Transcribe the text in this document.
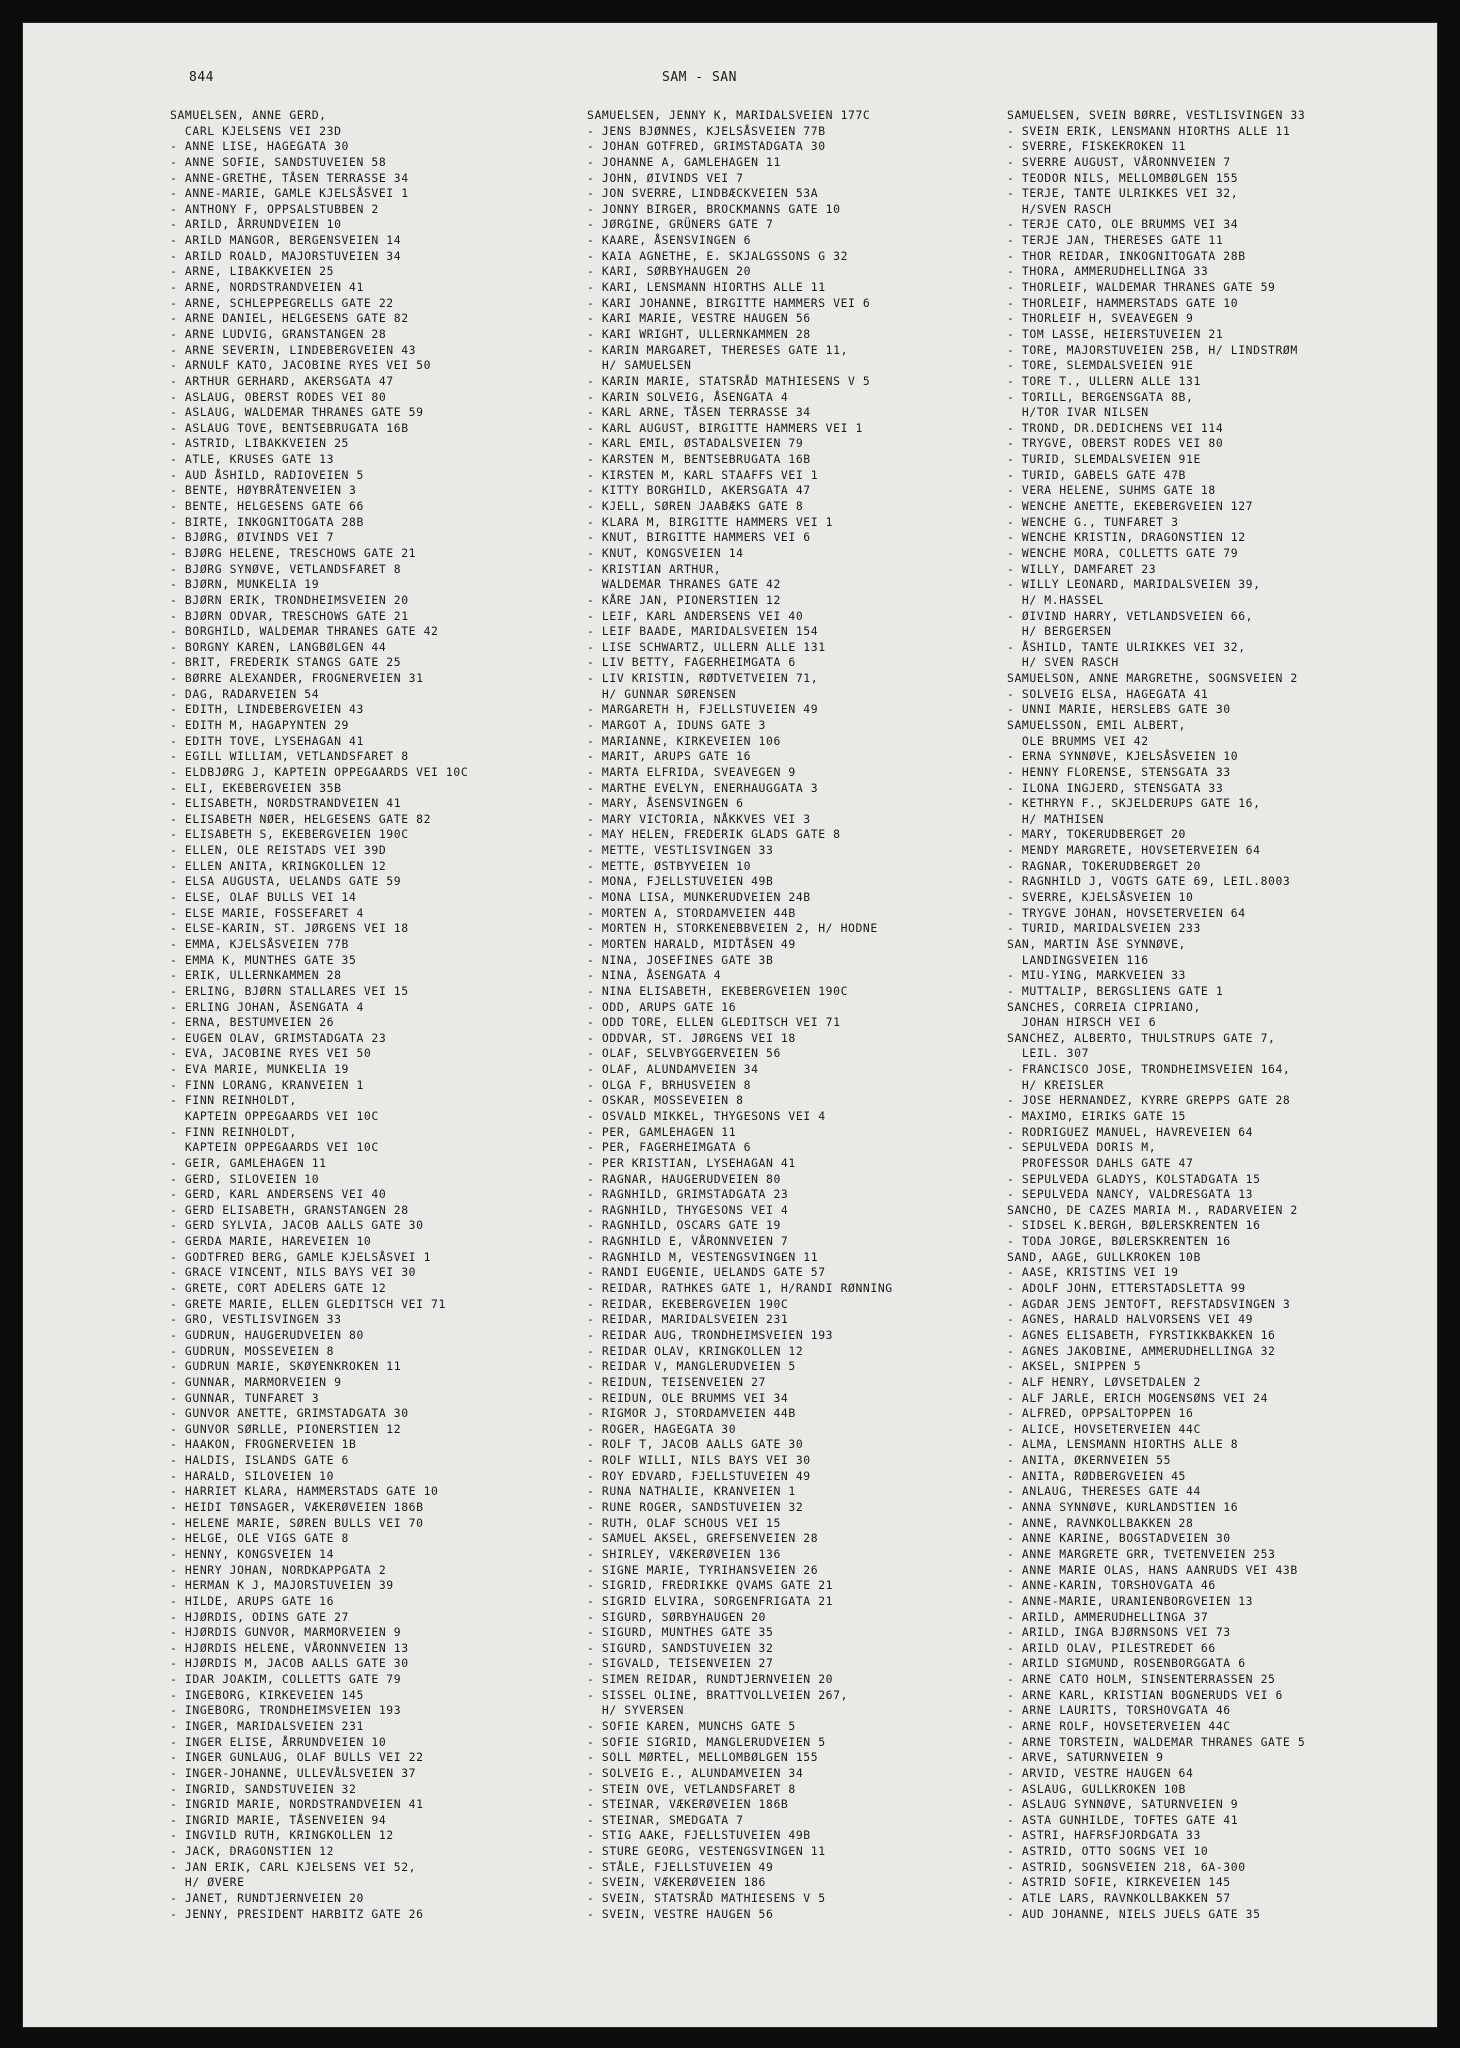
844	SAM - SAN
SAMUELSEN, ANNE GERD,
CARL KJELSENS VEI 23D
- ANNE LISE, HAGEGATA 30
- ANNE SOFIE, SANDSTUVEIEN 58
- ANNE-GRETHE, TÅSEN TERRASSE 34
- ANNE-MARIE, GAMLE KJELSÅSVEI 1
- ANTHONY F, OPPSALSTUBBEN 2
- ARILD, ÅRRUNDVEIEN 10
- ARILD MANGOR, BERGENSVEIEN 14
- ARILD ROALD, MAJORSTUVEIEN 34
- ARNE, LIBAKKVEIEN 25
- ARNE, NORDSTRANDVEIEN 41
- ARNE, SCHLEPPEGRELLS GATE 22
- ARNE DANIEL, HELGESENS GATE 82
- ARNE LUDVIG, GRANSTANGEN 28
- ARNE SEVERIN, LINDEBERGVEIEN 43
- ARNULF KATO, JACOBINE RYES VEI 50
- ARTHUR GERHARD, AKERSGATA 47
- ASLAUG, OBERST RODES VEI 80
- ASLAUG, WALDEMAR THRANES GATE 59
- ASLAUG TOVE, BENTSEBRUGATA 16B
- ASTRID, LIBAKKVEIEN 25
- ATLE, KRUSES GATE 13
- AUD ÅSHILD, RADIOVEIEN 5
- BENTE, HØYBRÅTENVEIEN 3
- BENTE, HELGESENS GATE 66
- BIRTE, INKOGNITOGATA 28B
- BJØRG, ØIVINDS VEI 7
- BJØRG HELENE, TRESCHOWS GATE 21
- BJØRG SYNØVE, VETLANDSFARET 8
- BJØRN, MUNKELIA 19
- BJØRN ERIK, TRONDHEIMSVEIEN 20
- BJØRN ODVAR, TRESCHOWS GATE 21
- BORGHILD, WALDEMAR THRANES GATE 42
- BORGNY KAREN, LANGBØLGEN 44
- BRIT, FREDERIK STANGS GATE 25
- BØRRE ALEXANDER, FROGNERVEIEN 31
- DAG, RADARVEIEN 54
- EDITH, LINDEBERGVEIEN 43
- EDITH M, HAGAPYNTEN 29
- EDITH TOVE, LYSEHAGAN 41
- EGILL WILLIAM, VETLANDSFARET 8
- ELDBJØRG J, KAPTEIN OPPEGAARDS VEI 10C
- ELI, EKEBERGVEIEN 35B
- ELISABETH, NORDSTRANDVEIEN 41
- ELISABETH NØER, HELGESENS GATE 82
- ELISABETH S, EKEBERGVEIEN 190C
- ELLEN, OLE REISTADS VEI 39D
- ELLEN ANITA, KRINGKOLLEN 12
- ELSA AUGUSTA, UELANDS GATE 59
- ELSE, OLAF BULLS VEI 14
- ELSE MARIE, FOSSEFARET 4
- ELSE-KARIN, ST. JØRGENS VEI 18
- EMMA, KJELSÅSVEIEN 77B
- EMMA K, MUNTHES GATE 35
- ERIK, ULLERNKAMMEN 28
- ERLING, BJØRN STALLARES VEI 15
- ERLING JOHAN, ÅSENGATA 4
- ERNA, BESTUMVEIEN 26
- EUGEN OLAV, GRIMSTADGATA 23
- EVA, JACOBINE RYES VEI 50
- EVA MARIE, MUNKELIA 19
- FINN LORANG, KRANVEIEN 1
- FINN REINHOLDT,
KAPTEIN OPPEGAARDS VEI 10C
- FINN REINHOLDT,
KAPTEIN OPPEGAARDS VEI 10C
- GEIR, GAMLEHAGEN 11
- GERD, SILOVEIEN 10
- GERD, KARL ANDERSENS VEI 40
- GERD ELISABETH, GRANSTANGEN 28
- GERD SYLVIA, JACOB AALLS GATE 30
- GERDA MARIE, HAREVEIEN 10
- GODTFRED BERG, GAMLE KJELSÅSVEI 1
- GRACE VINCENT, NILS BAYS VEI 30
- GRETE, CORT ADELERS GATE 12
- GRETE MARIE, ELLEN GLEDITSCH VEI 71
- GRO, VESTLISVINGEN 33
- GUDRUN, HAUGERUDVEIEN 80
- GUDRUN, MOSSEVEIEN 8
- GUDRUN MARIE, SKØYENKROKEN 11
- GUNNAR, MARMORVEIEN 9
- GUNNAR, TUNFARET 3
- GUNVOR ANETTE, GRIMSTADGATA 30
- GUNVOR SØRLLE, PIONERSTIEN 12
- HAAKON, FROGNERVEIEN 1B
- HALDIS, ISLANDS GATE 6
- HARALD, SILOVEIEN 10
- HARRIET KLARA, HAMMERSTADS GATE 10
- HEIDI TØNSAGER, VÆKERØVEIEN 186B
- HELENE MARIE, SØREN BULLS VEI 70
- HELGE, OLE VIGS GATE 8
- HENNY, KONGSVEIEN 14
- HENRY JOHAN, NORDKAPPGATA 2
- HERMAN K J, MAJORSTUVEIEN 39
- HILDE, ARUPS GATE 16
- HJØRDIS, ODINS GATE 27
- HJØRDIS GUNVOR, MARMORVEIEN 9
- HJØRDIS HELENE, VÅRONNVEIEN 13
- HJØRDIS M, JACOB AALLS GATE 30
- IDAR JOAKIM, COLLETTS GATE 79
- INGEBORG, KIRKEVEIEN 145
- INGEBORG, TRONDHEIMSVEIEN 193
- INGER, MARIDALSVEIEN 231
- INGER ELISE, ÅRRUNDVEIEN 10
- INGER GUNLAUG, OLAF BULLS VEI 22
- INGER-JOHANNE, ULLEVÅLSVEIEN 37
- INGRID, SANDSTUVEIEN 32
- INGRID MARIE, NORDSTRANDVEIEN 41
- INGRID MARIE, TÅSENVEIEN 94
- INGVILD RUTH, KRINGKOLLEN 12
- JACK, DRAGONSTIEN 12
- JAN ERIK, CARL KJELSENS VEI 52,
H/ ØVERE
- JANET, RUNDTJERNVEIEN 20
- JENNY, PRESIDENT HARBITZ GATE 26
SAMUELSEN, JENNY K, MARIDALSVEIEN 177C
- JENS BJØNNES, KJELSÅSVEIEN 77B
- JOHAN GOTFRED, GRIMSTADGATA 30
- JOHANNE A, GAMLEHAGEN 11
- JOHN, ØIVINDS VEI 7
- JON SVERRE, LINDBÆCKVEIEN 53A
- JONNY BIRGER, BROCKMANNS GATE 10
- JØRGINE, GRÜNERS GATE 7
- KAARE, ÅSENSVINGEN 6
- KAIA AGNETHE, E. SKJALGSSONS G 32
- KARI, SØRBYHAUGEN 20
- KARI, LENSMANN HIORTHS ALLE 11
- KARI JOHANNE, BIRGITTE HAMMERS VEI 6
- KARI MARIE, VESTRE HAUGEN 56
- KARI WRIGHT, ULLERNKAMMEN 28
- KARIN MARGARET, THERESES GATE 11,
H/ SAMUELSEN
- KARIN MARIE, STATSRÅD MATHIESENS V 5
- KARIN SOLVEIG, ÅSENGATA 4
- KARL ARNE, TÅSEN TERRASSE 34
- KARL AUGUST, BIRGITTE HAMMERS VEI 1
- KARL EMIL, ØSTADALSVEIEN 79
- KARSTEN M, BENTSEBRUGATA 16B
- KIRSTEN M, KARL STAAFFS VEI 1
- KITTY BORGHILD, AKERSGATA 47
- KJELL, SØREN JAABÆKS GATE 8
- KLARA M, BIRGITTE HAMMERS VEI 1
- KNUT, BIRGITTE HAMMERS VEI 6
- KNUT, KONGSVEIEN 14
- KRISTIAN ARTHUR,
WALDEMAR THRANES GATE 42
- KÅRE JAN, PIONERSTIEN 12
- LEIF, KARL ANDERSENS VEI 40
- LEIF BAADE, MARIDALSVEIEN 154
- LISE SCHWARTZ, ULLERN ALLE 131
- LIV BETTY, FAGERHEIMGATA 6
- LIV KRISTIN, RØDTVETVEIEN 71,
H/ GUNNAR SØRENSEN
- MARGARETH H, FJELLSTUVEIEN 49
- MARGOT A, IDUNS GATE 3
- MARIANNE, KIRKEVEIEN 106
- MARIT, ARUPS GATE 16
- MARTA ELFRIDA, SVEAVEGEN 9
- MARTHE EVELYN, ENERHAUGGATA 3
- MARY, ÅSENSVINGEN 6
- MARY VICTORIA, NÅKKVES VEI 3
- MAY HELEN, FREDERIK GLADS GATE 8
- METTE, VESTLISVINGEN 33
- METTE, ØSTBYVEIEN 10
- MONA, FJELLSTUVEIEN 49B
- MONA LISA, MUNKERUDVEIEN 24B
- MORTEN A, STORDAMVEIEN 44B
- MORTEN H, STORKENEBBVEIEN 2, H/ HODNE
- MORTEN HARALD, MIDTÅSEN 49
- NINA, JOSEFINES GATE 3B
- NINA, ÅSENGATA 4
- NINA ELISABETH, EKEBERGVEIEN 190C
- ODD, ARUPS GATE 16
- ODD TORE, ELLEN GLEDITSCH VEI 71
- ODDVAR, ST. JØRGENS VEI 18
- OLAF, SELVBYGGERVEIEN 56
- OLAF, ALUNDAMVEIEN 34
- OLGA F, BRHUSVEIEN 8
- OSKAR, MOSSEVEIEN 8
- OSVALD MIKKEL, THYGESONS VEI 4
- PER, GAMLEHAGEN 11
- PER, FAGERHEIMGATA 6
- PER KRISTIAN, LYSEHAGAN 41
- RAGNAR, HAUGERUDVEIEN 80
- RAGNHILD, GRIMSTADGATA 23
- RAGNHILD, THYGESONS VEI 4
- RAGNHILD, OSCARS GATE 19
- RAGNHILD E, VÅRONNVEIEN 7
- RAGNHILD M, VESTENGSVINGEN 11
- RANDI EUGENIE, UELANDS GATE 57
- REIDAR, RATHKES GATE 1, H/RANDI RØNNING
- REIDAR, EKEBERGVEIEN 190C
- REIDAR, MARIDALSVEIEN 231
- REIDAR AUG, TRONDHEIMSVEIEN 193
- REIDAR OLAV, KRINGKOLLEN 12
- REIDAR V, MANGLERUDVEIEN 5
- REIDUN, TEISENVEIEN 27
- REIDUN, OLE BRUMMS VEI 34
- RIGMOR J, STORDAMVEIEN 44B
- ROGER, HAGEGATA 30
- ROLF T, JACOB AALLS GATE 30
- ROLF WILLI, NILS BAYS VEI 30
- ROY EDVARD, FJELLSTUVEIEN 49
- RUNA NATHALIE, KRANVEIEN 1
- RUNE ROGER, SANDSTUVEIEN 32
- RUTH, OLAF SCHOUS VEI 15
- SAMUEL AKSEL, GREFSENVEIEN 28
- SHIRLEY, VÆKERØVEIEN 136
- SIGNE MARIE, TYRIHANSVEIEN 26
- SIGRID, FREDRIKKE QVAMS GATE 21
- SIGRID ELVIRA, SORGENFRIGATA 21
- SIGURD, SØRBYHAUGEN 20
- SIGURD, MUNTHES GATE 35
- SIGURD, SANDSTUVEIEN 32
- SIGVALD, TEISENVEIEN 27
- SIMEN REIDAR, RUNDTJERNVEIEN 20
- SISSEL OLINE, BRATTVOLLVEIEN 267,
H/ SYVERSEN
- SOFIE KAREN, MUNCHS GATE 5
- SOFIE SIGRID, MANGLERUDVEIEN 5
- SOLL MØRTEL, MELLOMBØLGEN 155
- SOLVEIG E., ALUNDAMVEIEN 34
- STEIN OVE, VETLANDSFARET 8
- STEINAR, VÆKERØVEIEN 186B
- STEINAR, SMEDGATA 7
- STIG AAKE, FJELLSTUVEIEN 49B
- STURE GEORG, VESTENGSVINGEN 11
- STÅLE, FJELLSTUVEIEN 49
- SVEIN, VÆKERØVEIEN 186
- SVEIN, STATSRÅD MATHIESENS V 5
- SVEIN, VESTRE HAUGEN 56
SAMUELSEN, SVEIN BØRRE, VESTLISVINGEN 33
- SVEIN ERIK, LENSMANN HIORTHS ALLE 11
- SVERRE, FISKEKROKEN 11
- SVERRE AUGUST, VÅRONNVEIEN 7
- TEODOR NILS, MELLOMBØLGEN 155
- TERJE, TANTE ULRIKKES VEI 32,
H/SVEN RASCH
- TERJE CATO, OLE BRUMMS VEI 34
- TERJE JAN, THERESES GATE 11
- THOR REIDAR, INKOGNITOGATA 28B
- THORA, AMMERUDHELLINGA 33
- THORLEIF, WALDEMAR THRANES GATE 59
- THORLEIF, HAMMERSTADS GATE 10
- THORLEIF H, SVEAVEGEN 9
- TOM LASSE, HEIERSTUVEIEN 21
- TORE, MAJORSTUVEIEN 25B, H/ LINDSTRØM
- TORE, SLEMDALSVEIEN 91E
- TORE T., ULLERN ALLE 131
- TORILL, BERGENSGATA 8B,
H/TOR IVAR NILSEN
- TROND, DR.DEDICHENS VEI 114
- TRYGVE, OBERST RODES VEI 80
- TURID, SLEMDALSVEIEN 91E
- TURID, GABELS GATE 47B
- VERA HELENE, SUHMS GATE 18
- WENCHE ANETTE, EKEBERGVEIEN 127
- WENCHE G., TUNFARET 3
- WENCHE KRISTIN, DRAGONSTIEN 12
- WENCHE MORA, COLLETTS GATE 79
- WILLY, DAMFARET 23
- WILLY LEONARD, MARIDALSVEIEN 39,
H/ M.HASSEL
- ØIVIND HARRY, VETLANDSVEIEN 66,
H/ BERGERSEN
- ÅSHILD, TANTE ULRIKKES VEI 32,
H/ SVEN RASCH
SAMUELSON, ANNE MARGRETHE, SOGNSVEIEN 2
- SOLVEIG ELSA, HAGEGATA 41
- UNNI MARIE, HERSLEBS GATE 30
SAMUELSSON, EMIL ALBERT,
OLE BRUMMS VEI 42
- ERNA SYNNØVE, KJELSÅSVEIEN 10
- HENNY FLORENSE, STENSGATA 33
- ILONA INGJERD, STENSGATA 33
- KETHRYN F., SKJELDERUPS GATE 16,
H/ MATHISEN
- MARY, TOKERUDBERGET 20
- MENDY MARGRETE, HOVSETERVEIEN 64
- RAGNAR, TOKERUDBERGET 20
- RAGNHILD J, VOGTS GATE 69, LEIL.8003
- SVERRE, KJELSÅSVEIEN 10
- TRYGVE JOHAN, HOVSETERVEIEN 64
- TURID, MARIDALSVEIEN 233
SAN, MARTIN ÅSE SYNNØVE,
LANDINGSVEIEN 116
- MIU-YING, MARKVEIEN 33
- MUTTALIP, BERGSLIENS GATE 1
SANCHES, CORREIA CIPRIANO,
JOHAN HIRSCH VEI 6
SANCHEZ, ALBERTO, THULSTRUPS GATE 7,
LEIL. 307
- FRANCISCO JOSE, TRONDHEIMSVEIEN 164,
H/ KREISLER
- JOSE HERNANDEZ, KYRRE GREPPS GATE 28
- MAXIMO, EIRIKS GATE 15
- RODRIGUEZ MANUEL, HAVREVEIEN 64
- SEPULVEDA DORIS M,
PROFESSOR DAHLS GATE 47
- SEPULVEDA GLADYS, KOLSTADGATA 15
- SEPULVEDA NANCY, VALDRESGATA 13
SANCHO, DE CAZES MARIA M., RADARVEIEN 2
- SIDSEL K.BERGH, BØLERSKRENTEN 16
- TODA JORGE, BØLERSKRENTEN 16
SAND, AAGE, GULLKROKEN 10B
- AASE, KRISTINS VEI 19
- ADOLF JOHN, ETTERSTADSLETTA 99
- AGDAR JENS JENTOFT, REFSTADSVINGEN 3
- AGNES, HARALD HALVORSENS VEI 49
- AGNES ELISABETH, FYRSTIKKBAKKEN 16
- AGNES JAKOBINE, AMMERUDHELLINGA 32
- AKSEL, SNIPPEN 5
- ALF HENRY, LØVSETDALEN 2
- ALF JARLE, ERICH MOGENSØNS VEI 24
- ALFRED, OPPSALTOPPEN 16
- ALICE, HOVSETERVEIEN 44C
- ALMA, LENSMANN HIORTHS ALLE 8
- ANITA, ØKERNVEIEN 55
- ANITA, RØDBERGVEIEN 45
- ANLAUG, THERESES GATE 44
- ANNA SYNNØVE, KURLANDSTIEN 16
- ANNE, RAVNKOLLBAKKEN 28
- ANNE KARINE, BOGSTADVEIEN 30
- ANNE MARGRETE GRR, TVETENVEIEN 253
- ANNE MARIE OLAS, HANS AANRUDS VEI 43B
- ANNE-KARIN, TORSHOVGATA 46
- ANNE-MARIE, URANIENBORGVEIEN 13
- ARILD, AMMERUDHELLINGA 37
- ARILD, INGA BJØRNSONS VEI 73
- ARILD OLAV, PILESTREDET 66
- ARILD SIGMUND, ROSENBORGGATA 6
- ARNE CATO HOLM, SINSENTERRASSEN 25
- ARNE KARL, KRISTIAN BOGNERUDS VEI 6
- ARNE LAURITS, TORSHOVGATA 46
- ARNE ROLF, HOVSETERVEIEN 44C
- ARNE TORSTEIN, WALDEMAR THRANES GATE 5
- ARVE, SATURNVEIEN 9
- ARVID, VESTRE HAUGEN 64
- ASLAUG, GULLKROKEN 10B
- ASLAUG SYNNØVE, SATURNVEIEN 9
- ASTA GUNHILDE, TOFTES GATE 41
- ASTRI, HAFRSFJORDGATA 33
- ASTRID, OTTO SOGNS VEI 10
- ASTRID, SOGNSVEIEN 218, 6A-300
- ASTRID SOFIE, KIRKEVEIEN 145
- ATLE LARS, RAVNKOLLBAKKEN 57
- AUD JOHANNE, NIELS JUELS GATE 35
